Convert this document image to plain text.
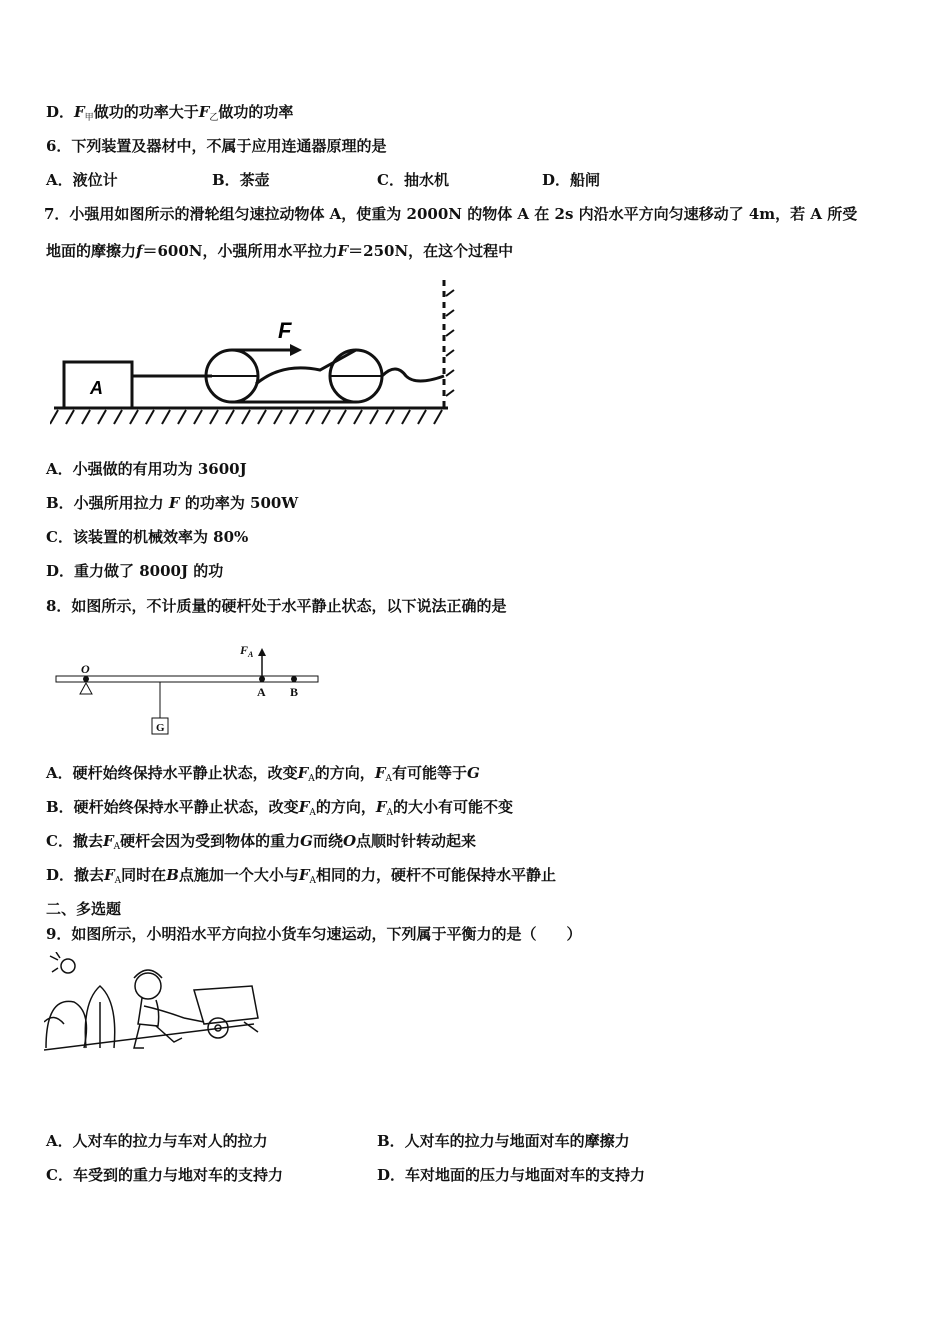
D．$F_甲$做功的功率大于$F_乙$做功的功率
6．下列装置及器材中，不属于应用连通器原理的是
A．液位计	B．茶壶	C．抽水机	D．船闸
7．小强用如图所示的滑轮组匀速拉动物体 A，使重为 2000N 的物体 A 在 2s 内沿水平方向匀速移动了 4m，若 A 所受
地面的摩擦力f＝600N，小强所用水平拉力F＝250N，在这个过程中
F
A
A．小强做的有用功为 3600J
B．小强所用拉力 F 的功率为 500W
C．该装置的机械效率为 80%
D．重力做了 8000J 的功
8．如图所示，不计质量的硬杆处于水平静止状态，以下说法正确的是
O
$F_A$
A B
G
A．硬杆始终保持水平静止状态，改变$F_A$的方向，$F_A$有可能等于G
B．硬杆始终保持水平静止状态，改变$F_A$的方向，$F_A$的大小有可能不变
C．撤去$F_A$硬杆会因为受到物体的重力G而绕O点顺时针转动起来
D．撤去$F_A$同时在B点施加一个大小与$F_A$相同的力，硬杆不可能保持水平静止
二、多选题
9．如图所示，小明沿水平方向拉小货车匀速运动，下列属于平衡力的是（　　）
A．人对车的拉力与车对人的拉力	B．人对车的拉力与地面对车的摩擦力
C．车受到的重力与地对车的支持力	D．车对地面的压力与地面对车的支持力
